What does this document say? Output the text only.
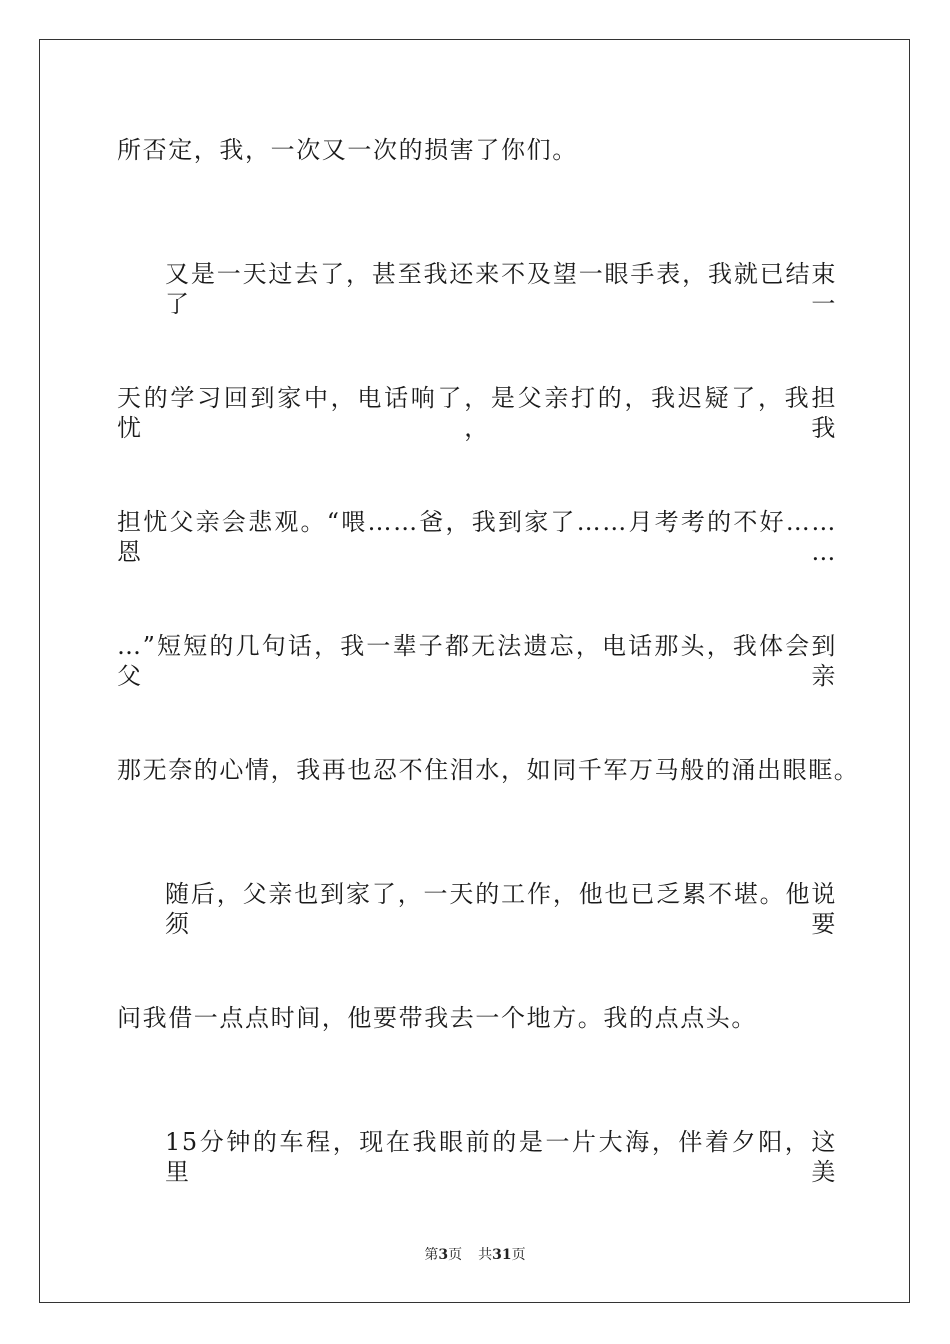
所否定，我，一次又一次的损害了你们。
又是一天过去了，甚至我还来不及望一眼手表，我就已结束了一
天的学习回到家中，电话响了，是父亲打的，我迟疑了，我担忧，我
担忧父亲会悲观。“喂……爸，我到家了……月考考的不好……恩…
…”短短的几句话，我一辈子都无法遗忘，电话那头，我体会到父亲
那无奈的心情，我再也忍不住泪水，如同千军万马般的涌出眼眶。
随后，父亲也到家了，一天的工作，他也已乏累不堪。他说须要
问我借一点点时间，他要带我去一个地方。我的点点头。
15分钟的车程，现在我眼前的是一片大海，伴着夕阳，这里美
第3页 共31页
